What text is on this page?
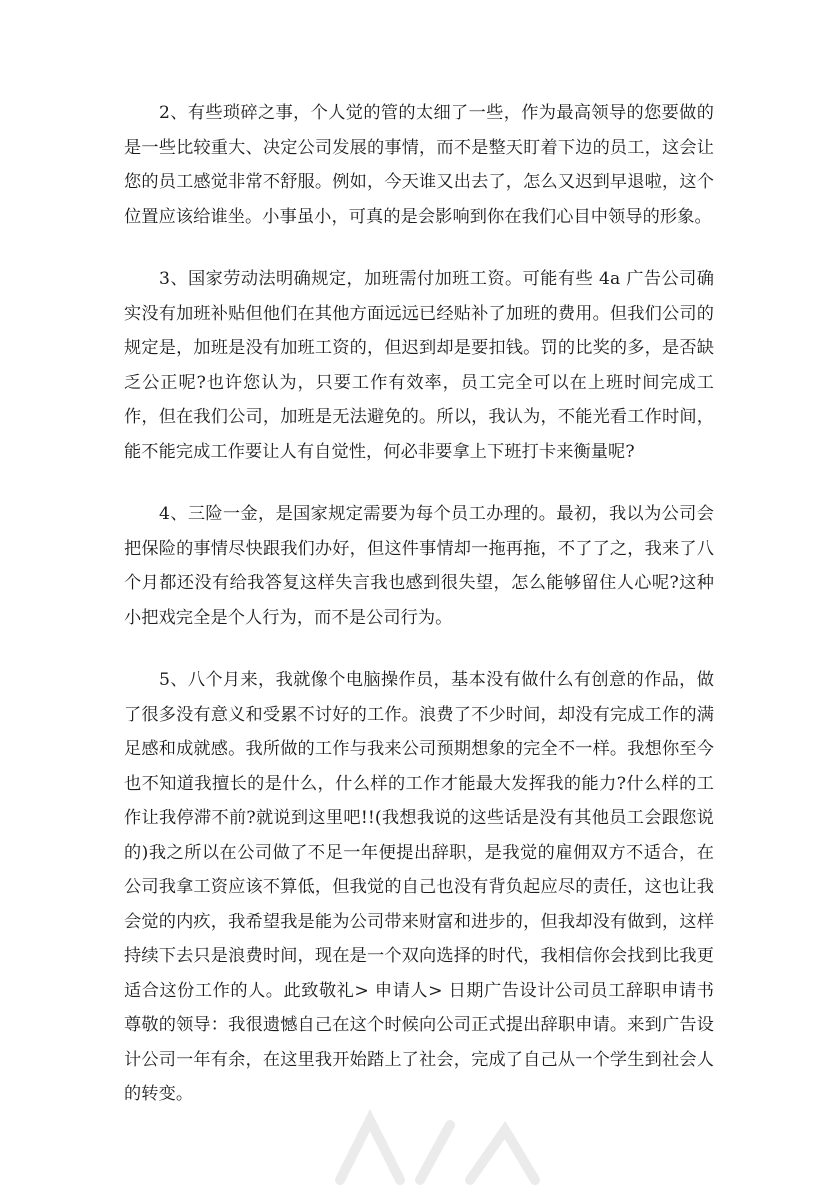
2、有些琐碎之事，个人觉的管的太细了一些，作为最高领导的您要做的是一些比较重大、决定公司发展的事情，而不是整天盯着下边的员工，这会让您的员工感觉非常不舒服。例如，今天谁又出去了，怎么又迟到早退啦，这个位置应该给谁坐。小事虽小，可真的是会影响到你在我们心目中领导的形象。

3、国家劳动法明确规定，加班需付加班工资。可能有些 4a 广告公司确实没有加班补贴但他们在其他方面远远已经贴补了加班的费用。但我们公司的规定是，加班是没有加班工资的，但迟到却是要扣钱。罚的比奖的多，是否缺乏公正呢?也许您认为，只要工作有效率，员工完全可以在上班时间完成工作，但在我们公司，加班是无法避免的。所以，我认为，不能光看工作时间，能不能完成工作要让人有自觉性，何必非要拿上下班打卡来衡量呢?

4、三险一金，是国家规定需要为每个员工办理的。最初，我以为公司会把保险的事情尽快跟我们办好，但这件事情却一拖再拖，不了了之，我来了八个月都还没有给我答复这样失言我也感到很失望，怎么能够留住人心呢?这种小把戏完全是个人行为，而不是公司行为。

5、八个月来，我就像个电脑操作员，基本没有做什么有创意的作品，做了很多没有意义和受累不讨好的工作。浪费了不少时间，却没有完成工作的满足感和成就感。我所做的工作与我来公司预期想象的完全不一样。我想你至今也不知道我擅长的是什么，什么样的工作才能最大发挥我的能力?什么样的工作让我停滞不前?就说到这里吧!!(我想我说的这些话是没有其他员工会跟您说的)我之所以在公司做了不足一年便提出辞职，是我觉的雇佣双方不适合，在公司我拿工资应该不算低，但我觉的自己也没有背负起应尽的责任，这也让我会觉的内疚，我希望我是能为公司带来财富和进步的，但我却没有做到，这样持续下去只是浪费时间，现在是一个双向选择的时代，我相信你会找到比我更适合这份工作的人。此致敬礼> 申请人> 日期广告设计公司员工辞职申请书尊敬的领导：我很遗憾自己在这个时候向公司正式提出辞职申请。来到广告设计公司一年有余，在这里我开始踏上了社会，完成了自己从一个学生到社会人的转变。
